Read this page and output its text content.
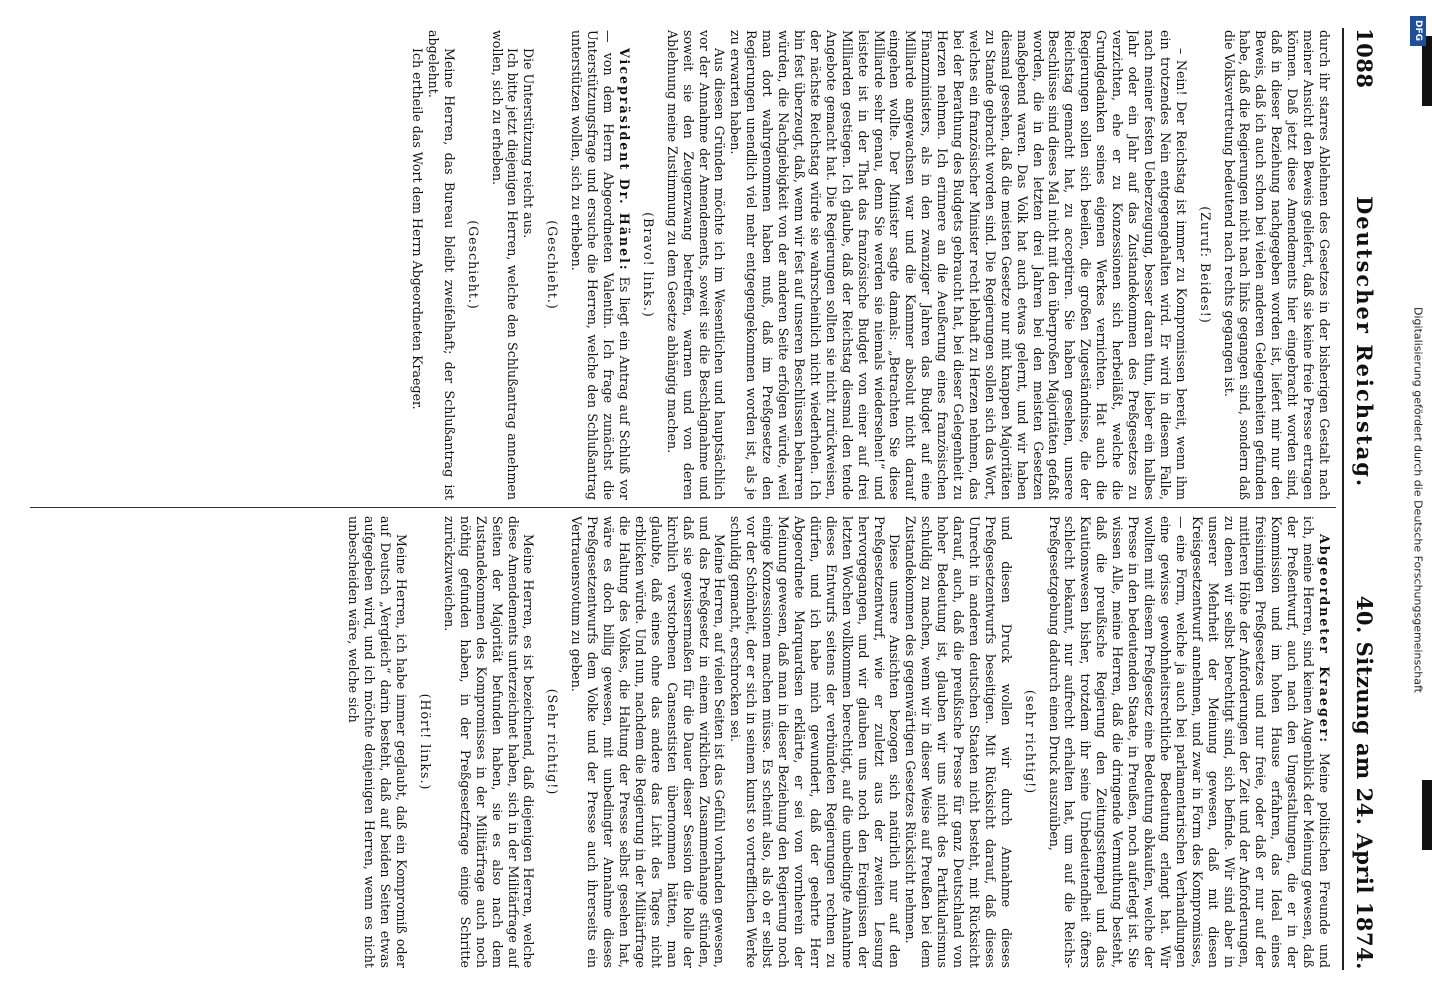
1088
Deutscher Reichstag.
40. Sitzung am 24. April 1874.

durch ihr starres Ablehnen des Gesetzes in der bisherigen Gestalt nach meiner Ansicht den Beweis geliefert, daß sie keine freie Presse ertragen können. Daß jetzt diese Amendements hier eingebracht worden sind, daß in dieser Beziehung nachgegeben worden ist, liefert mir nur den Beweis, daß ich auch schon bei vielen anderen Gelegenheiten gefunden habe, daß die Regierungen nicht nach links gegangen sind, sondern daß die Volksvertretung bedeutend nach rechts gegangen ist.

(Zuruf: Beides!)

– Nein! Der Reichstag ist immer zu Kompromissen bereit, wenn ihm ein trotzendes Nein entgegengehalten wird. Er wird in diesem Falle, nach meiner festen Ueberzeugung, besser daran thun, lieber ein halbes Jahr oder ein Jahr auf das Zustandekommen des Preßgesetzes zu verzichten, ehe er zu Konzessionen sich herbeiläßt, welche die Grundgedanken seines eigenen Werkes vernichten. Hat auch die Regierungen sollen sich beeilen, die großen Zugeständnisse, die der Reichstag gemacht hat, zu acceptiren. Sie haben gesehen, unsere Beschlüsse sind dieses Mal nicht mit den überproßen Majoritäten gefaßt worden, die in den letzten drei Jahren bei den meisten Gesetzen maßgebend waren. Das Volk hat auch etwas gelernt, und wir haben diesmal gesehen, daß die meisten Gesetze nur mit knappen Majoritäten zu Stande gebracht worden sind. Die Regierungen sollen sich das Wort, welches ein französischer Minister recht lebhaft zu Herzen nehmen, das bei der Berathung des Budgets gebraucht hat, bei dieser Gelegenheit zu Herzen nehmen. Ich erinnere an die Aeußerung eines französischen Finanzministers, als in den zwanziger Jahren das Budget auf eine Milliarde angewachsen war und die Kammer absolut nicht darauf eingehen wollte. Der Minister sagte damals: „Betrachten Sie diese Milliarde sehr genau, denn Sie werden sie niemals wiedersehen!“ und leistete ist in der That das französische Budget von einer auf drei Milliarden gestiegen. Ich glaube, daß der Reichstag diesmal den tende Angebote gemacht hat. Die Regierungen sollten sie nicht zurückweisen, der nächste Reichstag würde sie wahrscheinlich nicht wiederholen. Ich bin fest überzeugt, daß, wenn wir fest auf unseren Beschlüssen beharren würden, die Nachgiebigkeit von der anderen Seite erfolgen würde, weil man dort wahrgenommen haben muß, daß im Preßgesetze den Regierungen unendlich viel mehr entgegengekommen worden ist, als je zu erwarten haben.

Aus diesen Gründen möchte ich im Wesentlichen und hauptsächlich vor der Annahme der Amendements, soweit sie die Beschlagnahme und soweit sie den Zeugenzwang betreffen, warnen und von deren Ablehnung meine Zustimmung zu dem Gesetze abhängig machen.

(Bravo! links.)

Vicepräsident Dr. Hänel: Es liegt ein Antrag auf Schluß vor — von dem Herrn Abgeordneten Valentin. Ich frage zunächst die Unterstützungsfrage und ersuche die Herren, welche den Schlußantrag unterstützen wollen, sich zu erheben.

(Geschieht.)

Die Unterstützung reicht aus.

Ich bitte jetzt diejenigen Herren, welche den Schlußantrag annehmen wollen, sich zu erheben.

(Geschieht.)

Meine Herren, das Bureau bleibt zweifelhaft; der Schlußantrag ist abgelehnt.

Ich ertheile das Wort dem Herrn Abgeordneten Kraeger.

Abgeordneter Kraeger: Meine politischen Freunde und ich, meine Herren, sind keinen Augenblick der Meinung gewesen, daß der Preßentwurf, auch nach den Umgestaltungen, die er in der Kommission und im hohen Hause erfahren, das Ideal eines freisinnigen Preßgesetzes und nur freie, oder daß er nur auf der mittleren Höhe der Anforderungen der Zeit und der Anforderungen, zu denen wir selbst berechtigt sind, sich befinde. Wir sind aber in unserer Mehrheit der Meinung gewesen, daß mit diesen Kreisgesetzentwurf annehmen, und zwar in Form des Kompromisses, — eine Form, welche ja auch bei parlamentarischen Verhandlungen eine gewisse gewohnheitsrechtliche Bedeutung erlangt hat. Wir wollten mit diesem Preßgesetz eine Bedeutung abkaufen, welche der Presse in den bedeutenden Staate, in Preußen, noch auferlegt ist. Sie wissen Alle, meine Herren, daß die dringende Vermuthung besteht, daß die preußische Regierung den Zeitungsstempel und das Kautionswesen bisher, trotzdem ihr seine Unbedeutendheit öfters schlecht bekannt, nur aufrecht erhalten hat, um auf die Reichs-Preßgesetzgebung dadurch einen Druck auszuüben,

(sehr richtig!)

und diesen Druck wollen wir durch Annahme dieses Preßgesetzentwurfs beseitigen. Mit Rücksicht darauf, daß dieses Unrecht in anderen deutschen Staaten nicht besteht, mit Rücksicht darauf, auch, daß die preußische Presse für ganz Deutschland von hoher Bedeutung ist, glauben wir uns nicht des Partikularismus schuldig zu machen, wenn wir in dieser Weise auf Preußen bei dem Zustandekommen des gegenwärtigen Gesetzes Rücksicht nehmen.

Diese unsere Ansichten bezogen sich natürlich nur auf den Preßgesetzentwurf, wie er zuletzt aus der zweiten Lesung hervorgegangen, und wir glauben uns noch den Ereignissen der letzten Wochen vollkommen berechtigt, auf die unbedingte Annahme dieses Entwurfs seitens der verbündeten Regierungen rechnen zu dürfen, und ich habe mich gewundert, daß der geehrte Herr Abgeordnete Marquardsen erklärte, er sei von vornherein der Meinung gewesen, daß man in dieser Beziehung den Regierung noch einige Konzessionen machen müsse. Es scheint also, als ob er selbst vor der Schönheit, der er sich in seinem kunst so vortrefflichen Werke schuldig gemacht, erschrocken sei.

Meine Herren, auf vielen Seiten ist das Gefühl vorhanden gewesen, und das Preßgesetz in einem wirklichen Zusammenhange stünden, daß sie gewissermaßen für die Dauer dieser Session die Rolle der kirchlich verstorbenen Cansenstisten übernommen hätten, man glaubte, daß eines ohne das andere das Licht des Tages nicht erblicken würde. Und nun, nachdem die Regierung in der Militärfrage die Haltung des Volkes, die Haltung der Presse selbst gesehen hat, wäre es doch billig gewesen, mit unbedingter Annahme dieses Preßgesetzentwurfs dem Volke und der Presse auch ihrerseits ein Vertrauensvotum zu geben.

(Sehr richtig!)

Meine Herren, es ist bezeichnend, daß diejenigen Herren, welche diese Amendements unterzeichnet haben, sich in der Militärfrage auf Seiten der Majorität befunden haben, sie es also nach dem Zustandekommen des Kompromisses in der Militärfrage auch noch nöthig gefunden haben, in der Preßgesetzfrage einige Schritte zurückzuweichen.

(Hört! links.)

Meine Herren, ich habe immer geglaubt, daß ein Kompromiß oder auf Deutsch „Vergleich“ darin besteht, daß auf beiden Seiten etwas aufgegeben wird, und ich möchte denjenigen Herren, wenn es nicht unbescheiden wäre, welche sich

DFG
Digitalisierung gefördert durch die Deutsche Forschungsgemeinschaft
